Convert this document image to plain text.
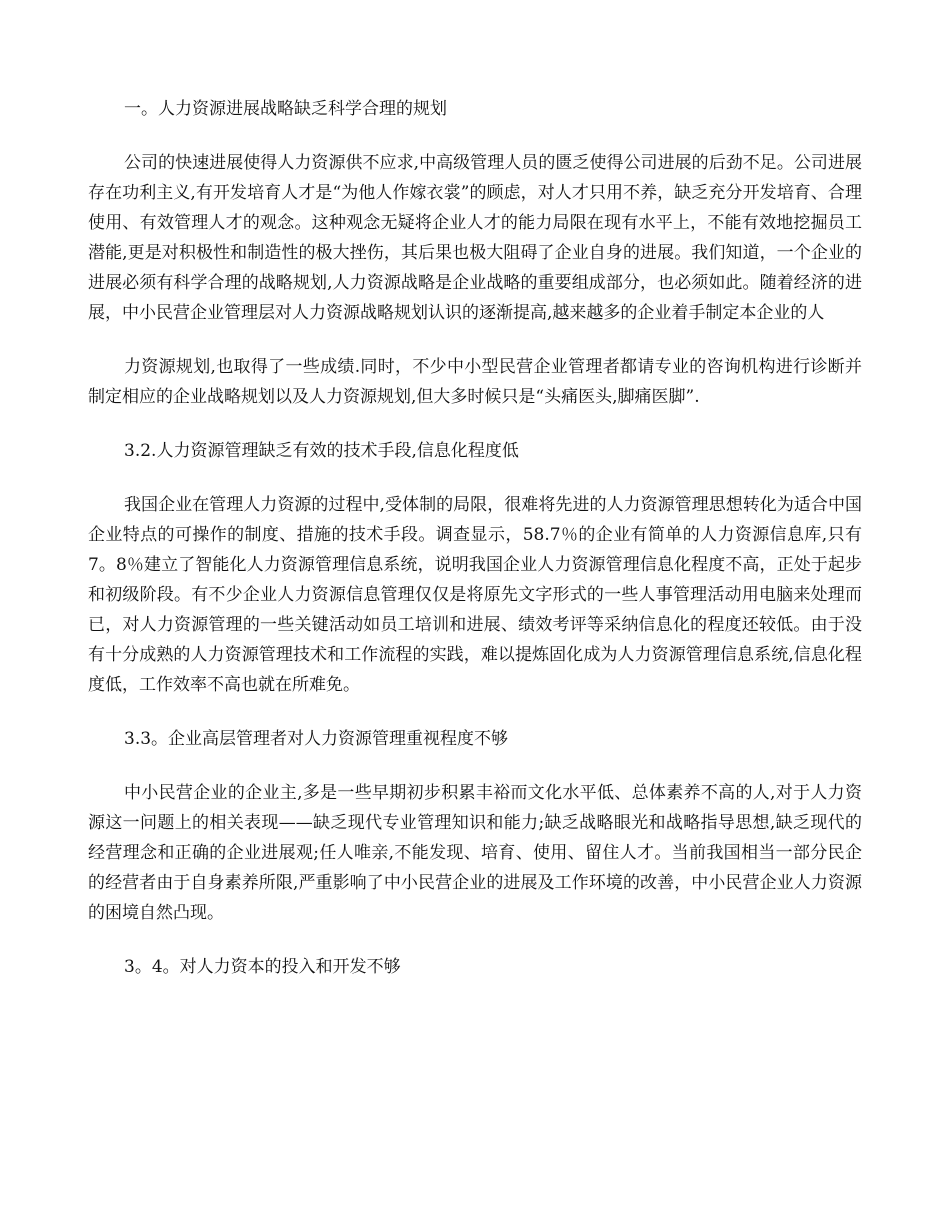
一。人力资源进展战略缺乏科学合理的规划

公司的快速进展使得人力资源供不应求,中高级管理人员的匮乏使得公司进展的后劲不足。公司进展存在功利主义,有开发培育人才是“为他人作嫁衣裳”的顾虑，对人才只用不养，缺乏充分开发培育、合理使用、有效管理人才的观念。这种观念无疑将企业人才的能力局限在现有水平上，不能有效地挖掘员工潜能,更是对积极性和制造性的极大挫伤，其后果也极大阻碍了企业自身的进展。我们知道，一个企业的进展必须有科学合理的战略规划,人力资源战略是企业战略的重要组成部分，也必须如此。随着经济的进展，中小民营企业管理层对人力资源战略规划认识的逐渐提高,越来越多的企业着手制定本企业的人

力资源规划,也取得了一些成绩.同时，不少中小型民营企业管理者都请专业的咨询机构进行诊断并制定相应的企业战略规划以及人力资源规划,但大多时候只是“头痛医头,脚痛医脚”.

3.2.人力资源管理缺乏有效的技术手段,信息化程度低

我国企业在管理人力资源的过程中,受体制的局限，很难将先进的人力资源管理思想转化为适合中国企业特点的可操作的制度、措施的技术手段。调查显示，58.7％的企业有简单的人力资源信息库,只有 7。8％建立了智能化人力资源管理信息系统，说明我国企业人力资源管理信息化程度不高，正处于起步和初级阶段。有不少企业人力资源信息管理仅仅是将原先文字形式的一些人事管理活动用电脑来处理而已，对人力资源管理的一些关键活动如员工培训和进展、绩效考评等采纳信息化的程度还较低。由于没有十分成熟的人力资源管理技术和工作流程的实践，难以提炼固化成为人力资源管理信息系统,信息化程度低，工作效率不高也就在所难免。

3.3。企业高层管理者对人力资源管理重视程度不够

中小民营企业的企业主,多是一些早期初步积累丰裕而文化水平低、总体素养不高的人,对于人力资源这一问题上的相关表现——缺乏现代专业管理知识和能力;缺乏战略眼光和战略指导思想,缺乏现代的经营理念和正确的企业进展观;任人唯亲,不能发现、培育、使用、留住人才。当前我国相当一部分民企的经营者由于自身素养所限,严重影响了中小民营企业的进展及工作环境的改善，中小民营企业人力资源的困境自然凸现。

3。4。对人力资本的投入和开发不够
